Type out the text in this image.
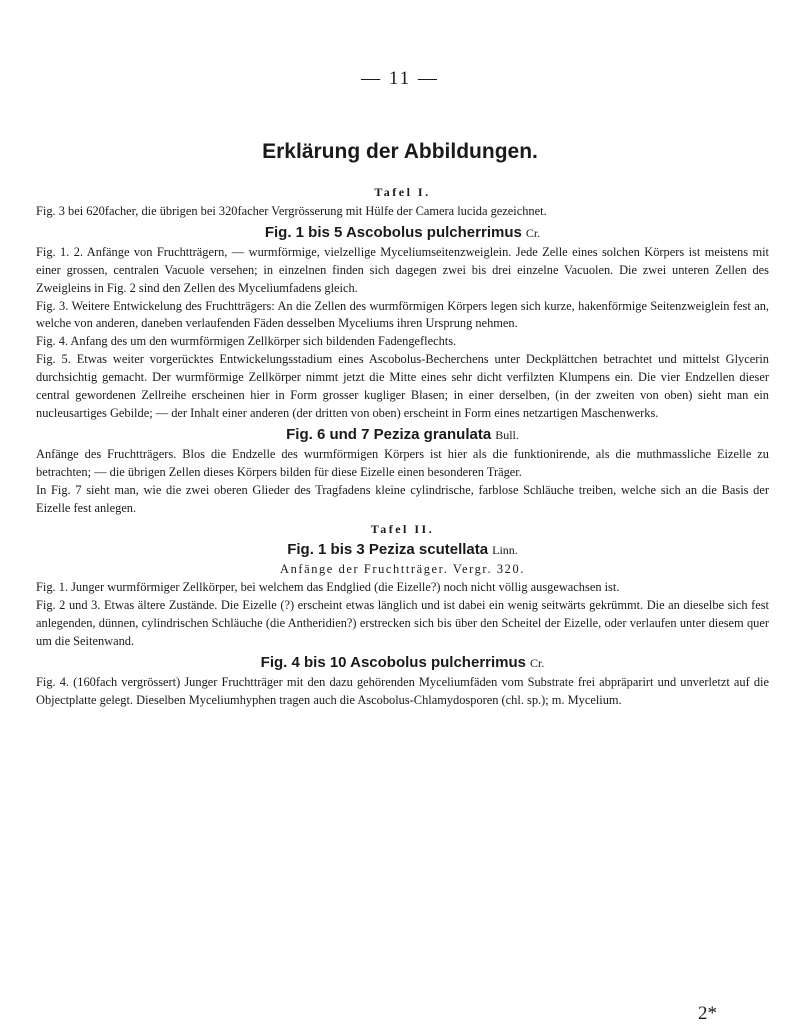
— 11 —
Erklärung der Abbildungen.
Tafel I.

Fig. 3 bei 620facher, die übrigen bei 320facher Vergrösserung mit Hülfe der Camera lucida gezeichnet.

Fig. 1 bis 5 Ascobolus pulcherrimus Cr.

Fig. 1. 2. Anfänge von Fruchtträgern, — wurmförmige, vielzellige Myceliumseitenzweiglein. Jede Zelle eines solchen Körpers ist meistens mit einer grossen, centralen Vacuole versehen; in einzelnen finden sich dagegen zwei bis drei einzelne Vacuolen. Die zwei unteren Zellen des Zweigleins in Fig. 2 sind den Zellen des Myceliumfadens gleich.

Fig. 3. Weitere Entwickelung des Fruchtträgers: An die Zellen des wurmförmigen Körpers legen sich kurze, hakenförmige Seitenzweiglein fest an, welche von anderen, daneben verlaufenden Fäden desselben Myceliums ihren Ursprung nehmen.

Fig. 4. Anfang des um den wurmförmigen Zellkörper sich bildenden Fadengeflechts.

Fig. 5. Etwas weiter vorgerücktes Entwickelungsstadium eines Ascobolus-Becherchens unter Deckplättchen betrachtet und mittelst Glycerin durchsichtig gemacht. Der wurmförmige Zellkörper nimmt jetzt die Mitte eines sehr dicht verfilzten Klumpens ein. Die vier Endzellen dieser central gewordenen Zellreihe erscheinen hier in Form grosser kugliger Blasen; in einer derselben, (in der zweiten von oben) sieht man ein nucleusartiges Gebilde; — der Inhalt einer anderen (der dritten von oben) erscheint in Form eines netzartigen Maschenwerks.

Fig. 6 und 7 Peziza granulata Bull.

Anfänge des Fruchtträgers. Blos die Endzelle des wurmförmigen Körpers ist hier als die funktionirende, als die muthmassliche Eizelle zu betrachten; — die übrigen Zellen dieses Körpers bilden für diese Eizelle einen besonderen Träger.

In Fig. 7 sieht man, wie die zwei oberen Glieder des Tragfadens kleine cylindrische, farblose Schläuche treiben, welche sich an die Basis der Eizelle fest anlegen.

Tafel II.
Fig. 1 bis 3 Peziza scutellata Linn.
Anfänge der Fruchtträger. Vergr. 320.

Fig. 1. Junger wurmförmiger Zellkörper, bei welchem das Endglied (die Eizelle?) noch nicht völlig ausgewachsen ist.

Fig. 2 und 3. Etwas ältere Zustände. Die Eizelle (?) erscheint etwas länglich und ist dabei ein wenig seitwärts gekrümmt. Die an dieselbe sich fest anlegenden, dünnen, cylindrischen Schläuche (die Antheridien?) erstrecken sich bis über den Scheitel der Eizelle, oder verlaufen unter diesem quer um die Seitenwand.

Fig. 4 bis 10 Ascobolus pulcherrimus Cr.

Fig. 4. (160fach vergrössert) Junger Fruchtträger mit den dazu gehörenden Myceliumfäden vom Substrate frei abpräparirt und unverletzt auf die Objectplatte gelegt. Dieselben Myceliumhyphen tragen auch die Ascobolus-Chlamydosporen (chl. sp.); m. Mycelium.

2*
